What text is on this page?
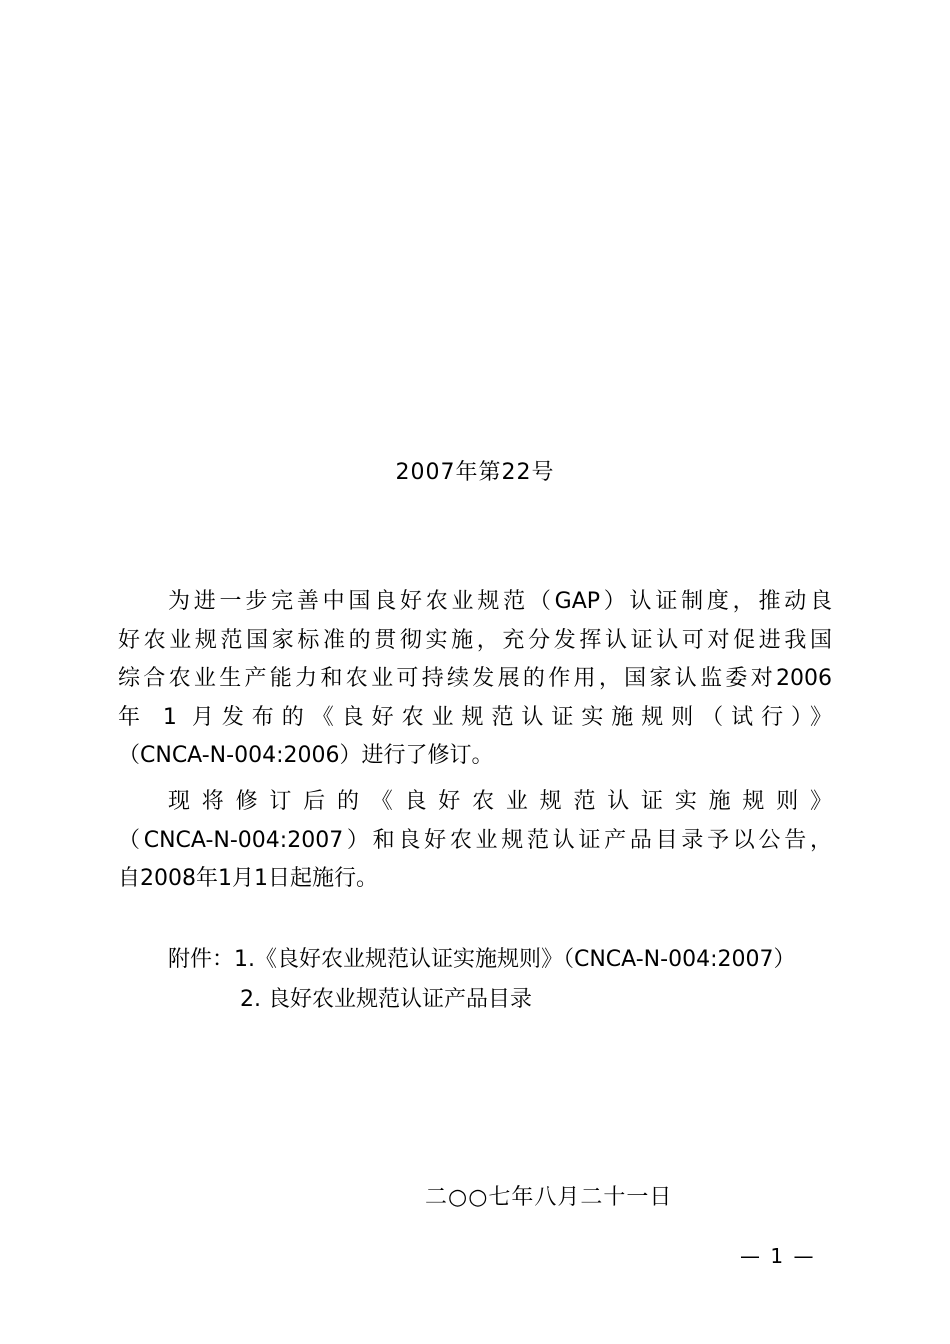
2007年第22号
为进一步完善中国良好农业规范（GAP）认证制度，推动良
好农业规范国家标准的贯彻实施，充分发挥认证认可对促进我国
综合农业生产能力和农业可持续发展的作用，国家认监委对2006
年 1 月发布的《良好农业规范认证实施规则（试行）》
（CNCA-N-004:2006）进行了修订。
现将修订后的《良好农业规范认证实施规则》
（CNCA-N-004:2007）和良好农业规范认证产品目录予以公告，
自2008年1月1日起施行。
附件：1.《良好农业规范认证实施规则》（CNCA-N-004:2007）
2. 良好农业规范认证产品目录
二○○七年八月二十一日
— 1 —
